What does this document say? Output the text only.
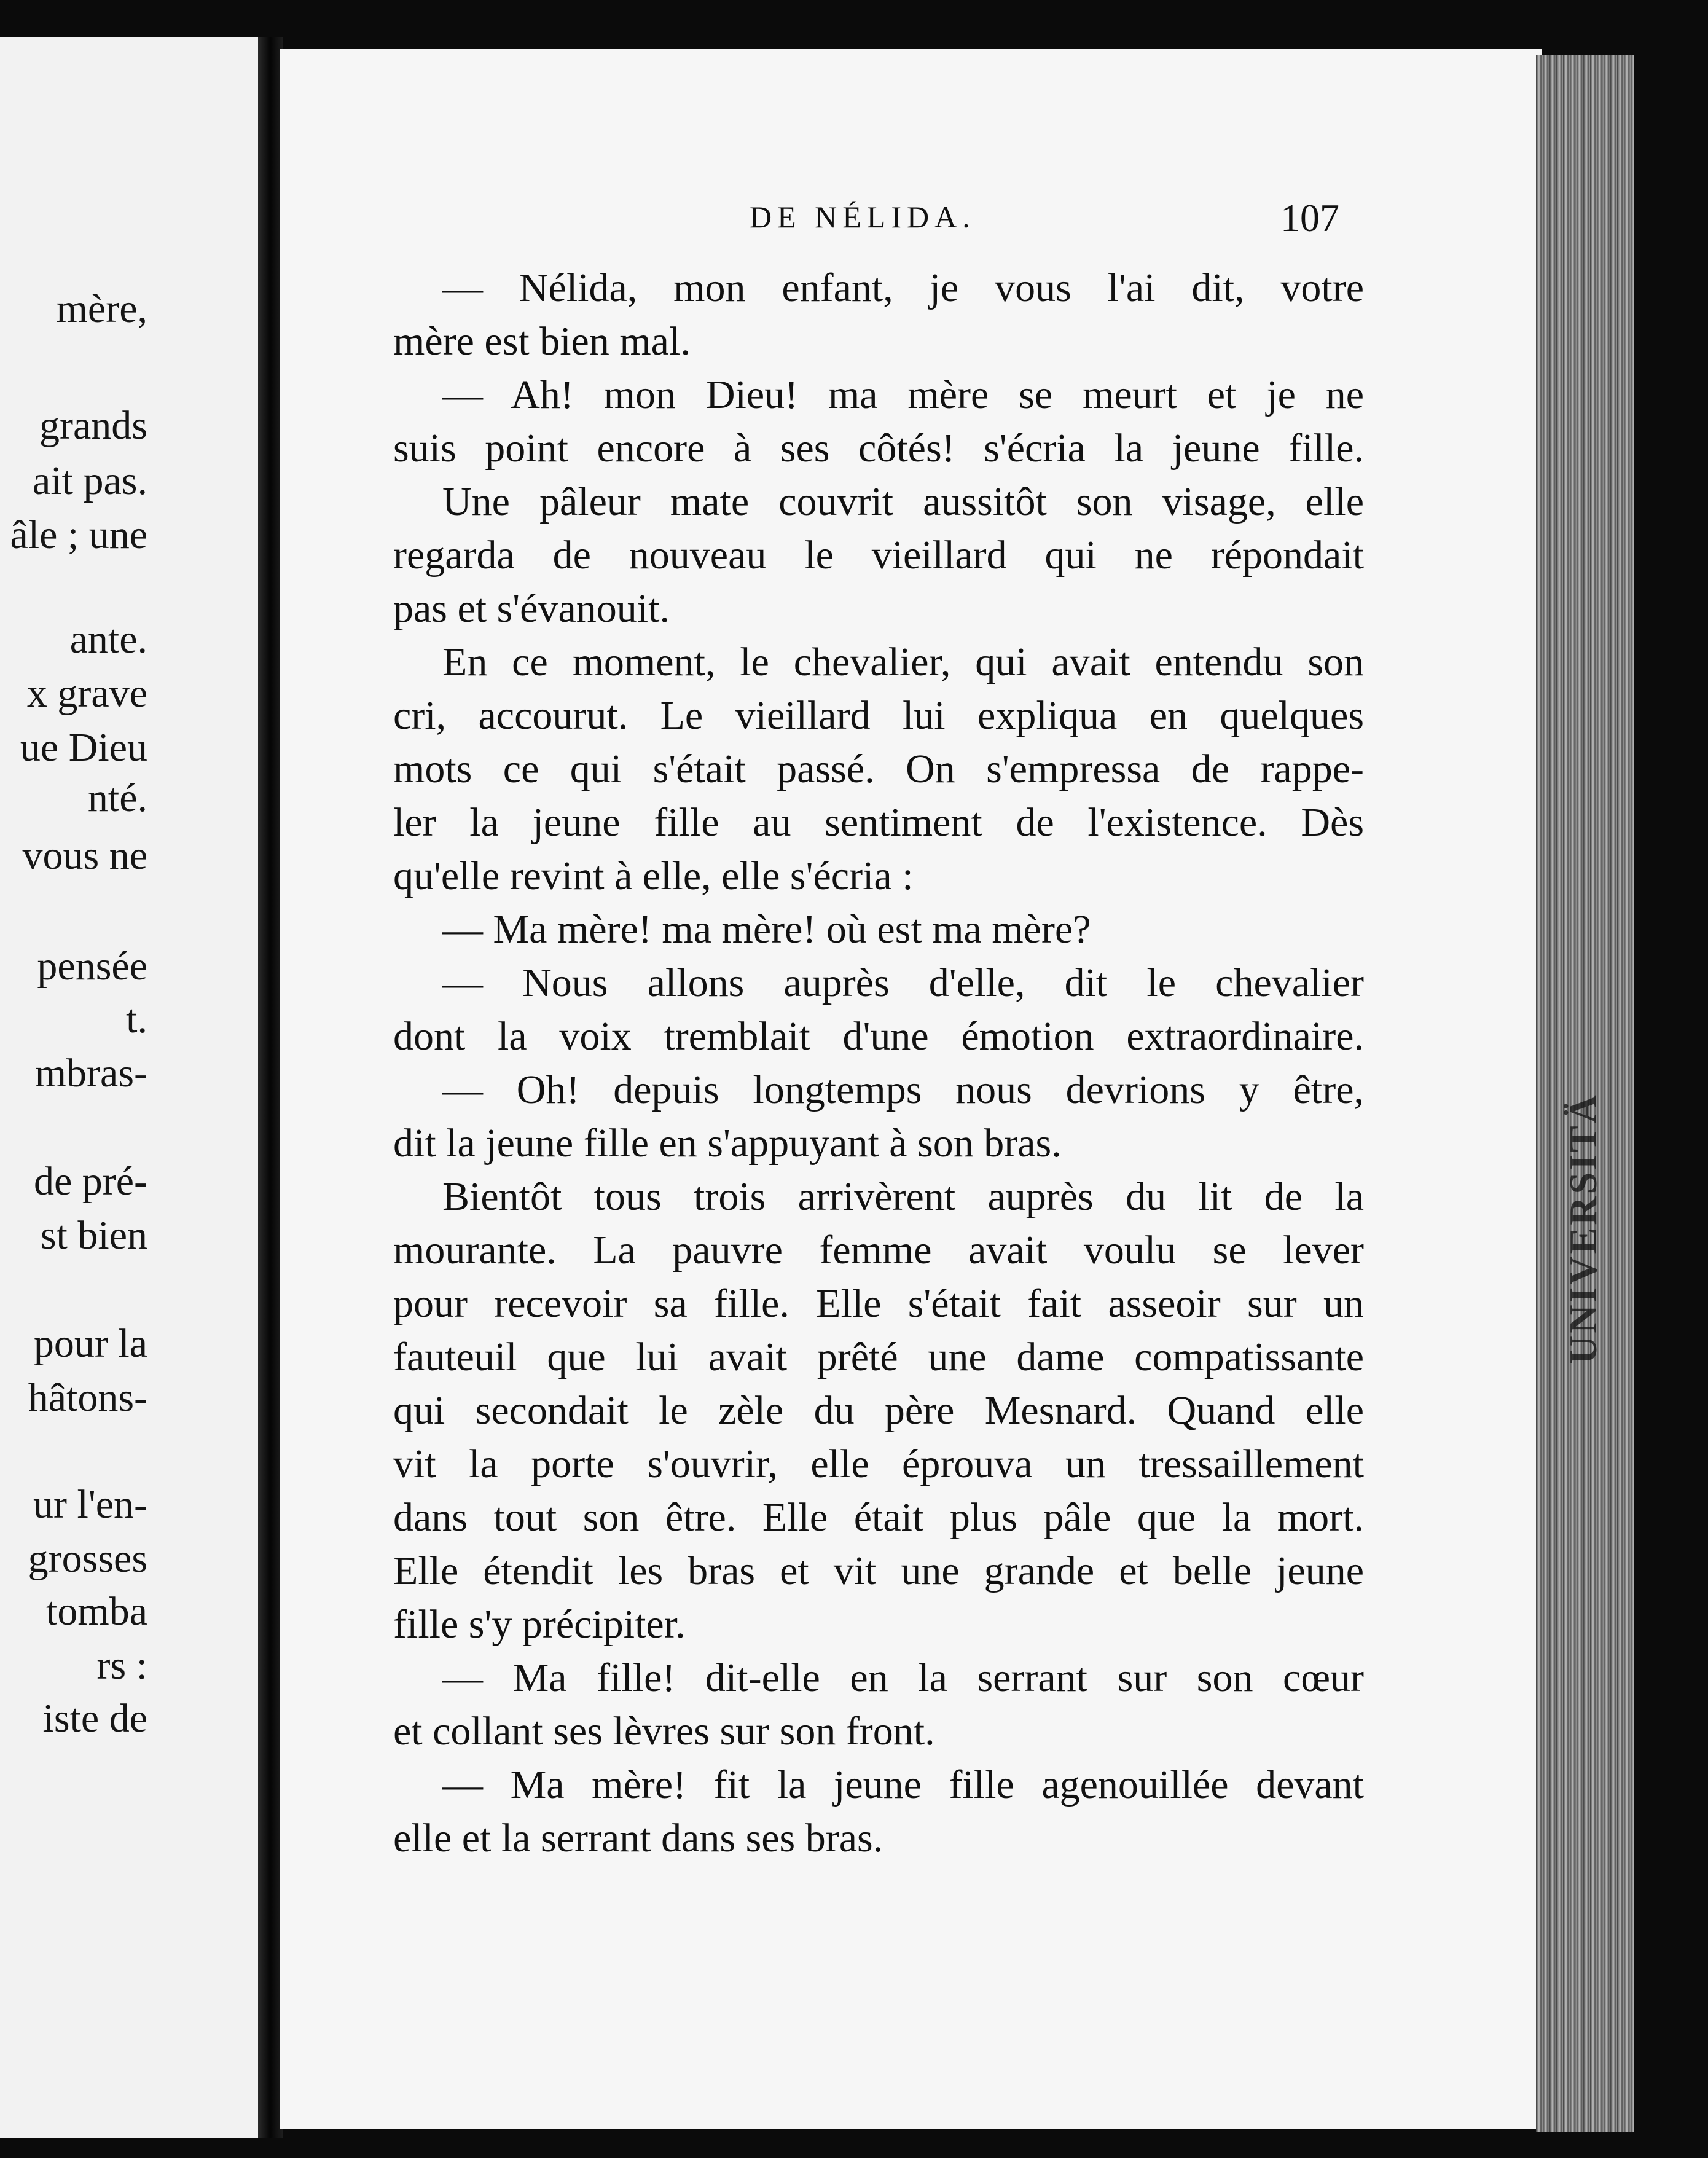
mère,
grands
ait pas.
âle ; une
ante.
x grave
ue Dieu
nté.
vous ne
pensée
t.
mbras-
de pré-
st bien
pour la
hâtons-
ur l'en-
grosses
tomba
rs :
iste de
UNIVERSITÄ
DE NÉLIDA.	107
— Nélida, mon enfant, je vous l'ai dit, votre
mère est bien mal.
— Ah! mon Dieu! ma mère se meurt et je ne
suis point encore à ses côtés! s'écria la jeune fille.
Une pâleur mate couvrit aussitôt son visage, elle
regarda de nouveau le vieillard qui ne répondait
pas et s'évanouit.
En ce moment, le chevalier, qui avait entendu son
cri, accourut. Le vieillard lui expliqua en quelques
mots ce qui s'était passé. On s'empressa de rappe-
ler la jeune fille au sentiment de l'existence. Dès
qu'elle revint à elle, elle s'écria :
— Ma mère! ma mère! où est ma mère?
— Nous allons auprès d'elle, dit le chevalier
dont la voix tremblait d'une émotion extraordinaire.
— Oh! depuis longtemps nous devrions y être,
dit la jeune fille en s'appuyant à son bras.
Bientôt tous trois arrivèrent auprès du lit de la
mourante. La pauvre femme avait voulu se lever
pour recevoir sa fille. Elle s'était fait asseoir sur un
fauteuil que lui avait prêté une dame compatissante
qui secondait le zèle du père Mesnard. Quand elle
vit la porte s'ouvrir, elle éprouva un tressaillement
dans tout son être. Elle était plus pâle que la mort.
Elle étendit les bras et vit une grande et belle jeune
fille s'y précipiter.
— Ma fille! dit-elle en la serrant sur son cœur
et collant ses lèvres sur son front.
— Ma mère! fit la jeune fille agenouillée devant
elle et la serrant dans ses bras.
